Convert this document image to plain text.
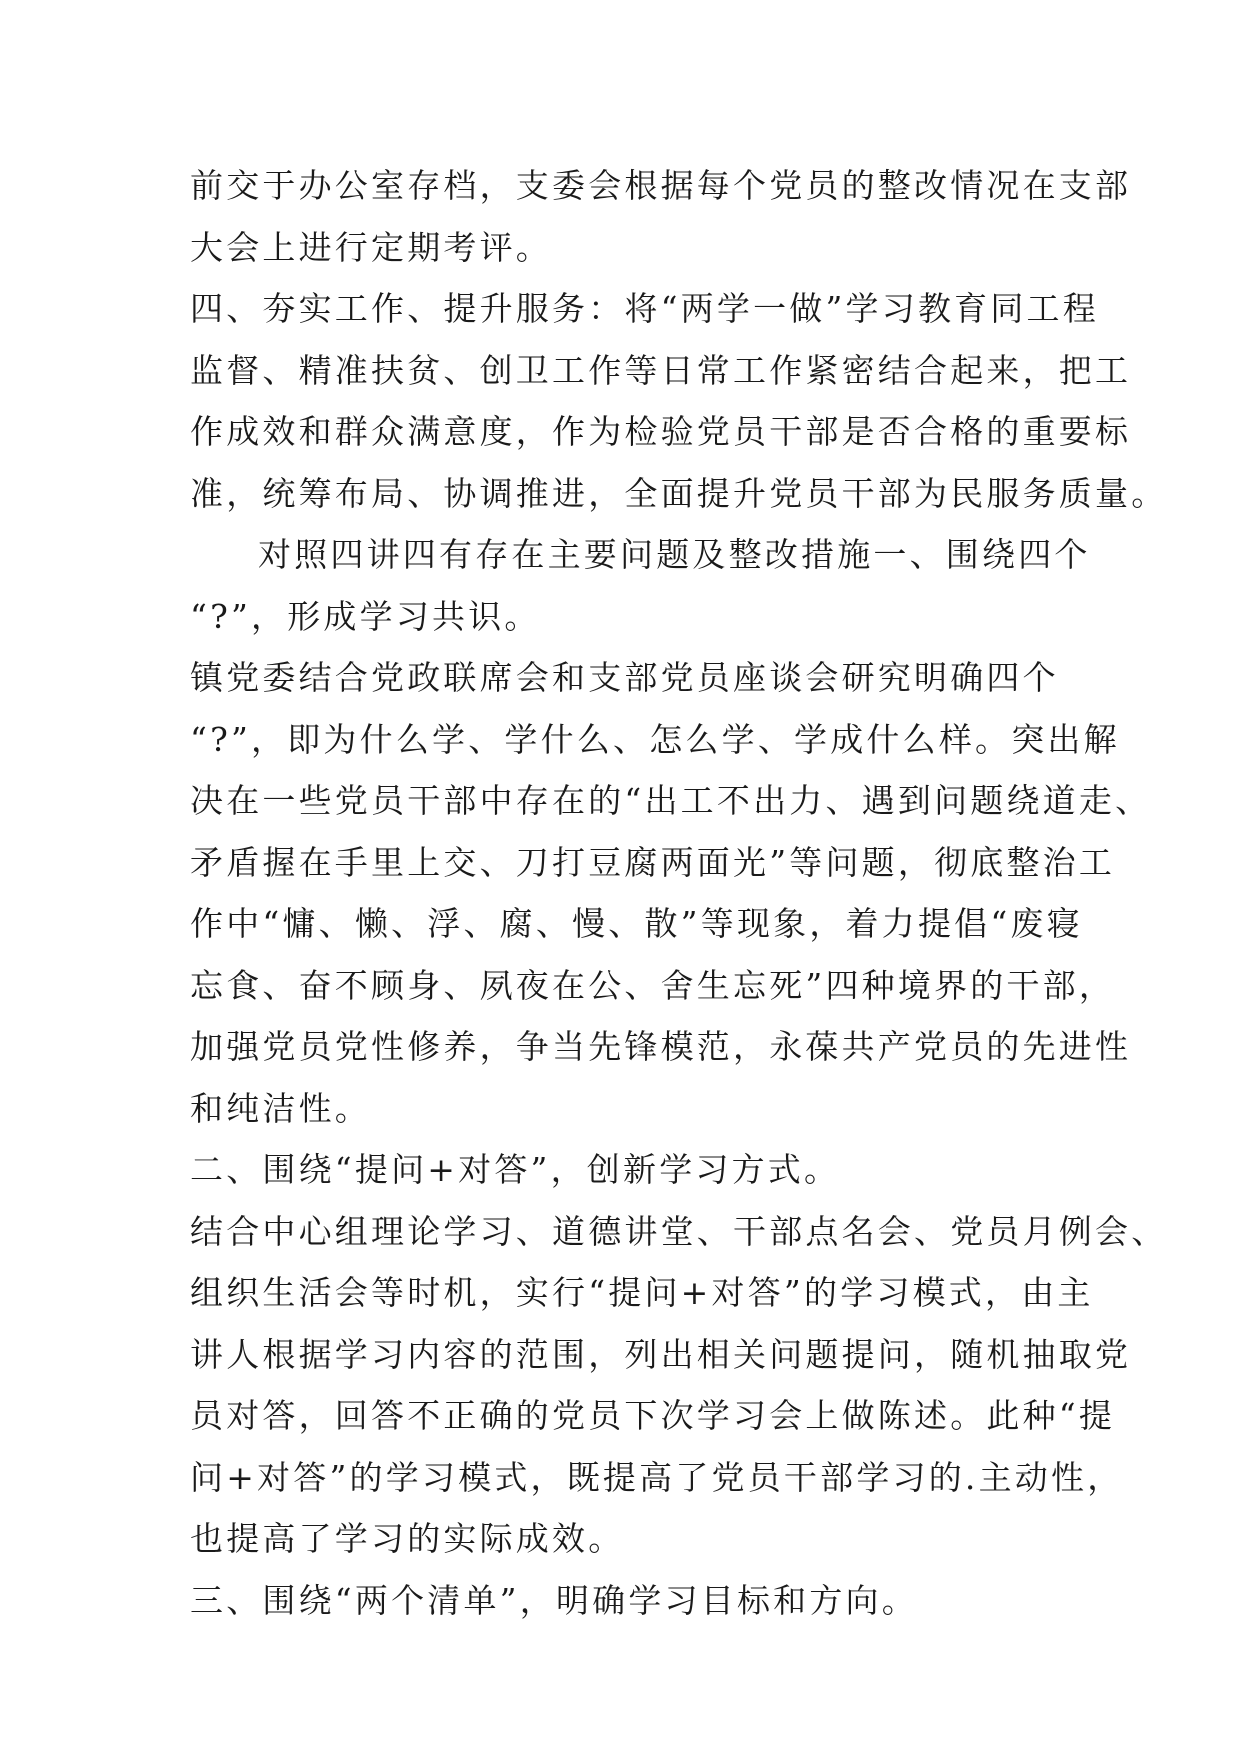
前交于办公室存档，支委会根据每个党员的整改情况在支部
大会上进行定期考评。
四、夯实工作、提升服务：将“两学一做”学习教育同工程
监督、精准扶贫、创卫工作等日常工作紧密结合起来，把工
作成效和群众满意度，作为检验党员干部是否合格的重要标
准，统筹布局、协调推进，全面提升党员干部为民服务质量。
对照四讲四有存在主要问题及整改措施一、围绕四个
“?”，形成学习共识。
镇党委结合党政联席会和支部党员座谈会研究明确四个
“?”，即为什么学、学什么、怎么学、学成什么样。突出解
决在一些党员干部中存在的“出工不出力、遇到问题绕道走、
矛盾握在手里上交、刀打豆腐两面光”等问题，彻底整治工
作中“慵、懒、浮、腐、慢、散”等现象，着力提倡“废寝
忘食、奋不顾身、夙夜在公、舍生忘死”四种境界的干部，
加强党员党性修养，争当先锋模范，永葆共产党员的先进性
和纯洁性。
二、围绕“提问+对答”，创新学习方式。
结合中心组理论学习、道德讲堂、干部点名会、党员月例会、
组织生活会等时机，实行“提问+对答”的学习模式，由主
讲人根据学习内容的范围，列出相关问题提问，随机抽取党
员对答，回答不正确的党员下次学习会上做陈述。此种“提
问+对答”的学习模式，既提高了党员干部学习的.主动性，
也提高了学习的实际成效。
三、围绕“两个清单”，明确学习目标和方向。
